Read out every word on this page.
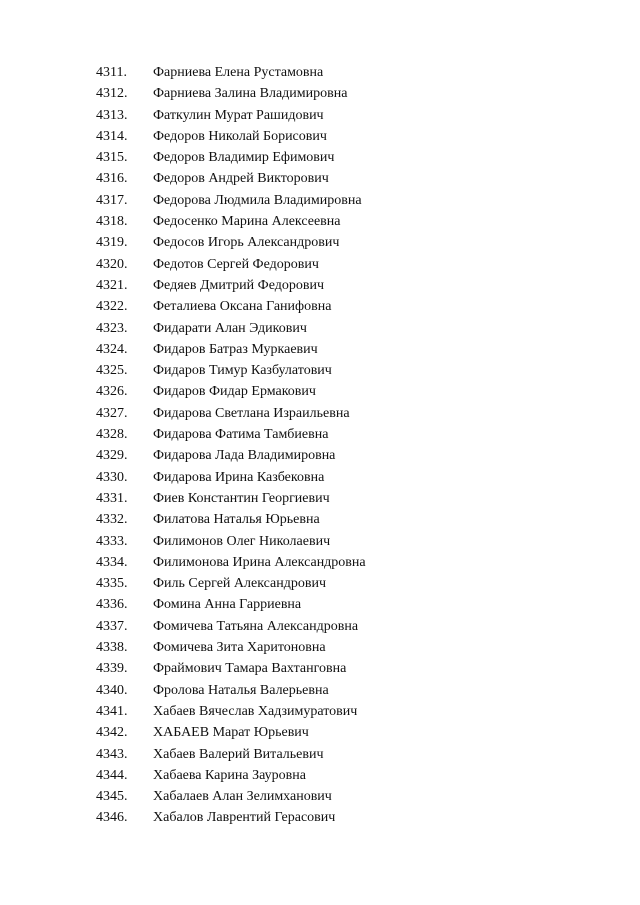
4311.	Фарниева Елена Рустамовна
4312.	Фарниева Залина Владимировна
4313.	Фаткулин Мурат Рашидович
4314.	Федоров Николай Борисович
4315.	Федоров Владимир Ефимович
4316.	Федоров Андрей Викторович
4317.	Федорова Людмила Владимировна
4318.	Федосенко Марина Алексеевна
4319.	Федосов Игорь Александрович
4320.	Федотов Сергей Федорович
4321.	Федяев Дмитрий Федорович
4322.	Феталиева Оксана Ганифовна
4323.	Фидарати Алан Эдикович
4324.	Фидаров Батраз Муркаевич
4325.	Фидаров Тимур Казбулатович
4326.	Фидаров Фидар Ермакович
4327.	Фидарова Светлана Израильевна
4328.	Фидарова Фатима Тамбиевна
4329.	Фидарова Лада Владимировна
4330.	Фидарова Ирина Казбековна
4331.	Фиев Константин Георгиевич
4332.	Филатова Наталья Юрьевна
4333.	Филимонов Олег Николаевич
4334.	Филимонова Ирина Александровна
4335.	Филь Сергей Александрович
4336.	Фомина Анна Гарриевна
4337.	Фомичева Татьяна Александровна
4338.	Фомичева Зита Харитоновна
4339.	Фраймович Тамара Вахтанговна
4340.	Фролова Наталья Валерьевна
4341.	Хабаев Вячеслав Хадзимуратович
4342.	ХАБАЕВ Марат Юрьевич
4343.	Хабаев Валерий Витальевич
4344.	Хабаева Карина Зауровна
4345.	Хабалаев Алан Зелимханович
4346.	Хабалов Лаврентий Герасович
